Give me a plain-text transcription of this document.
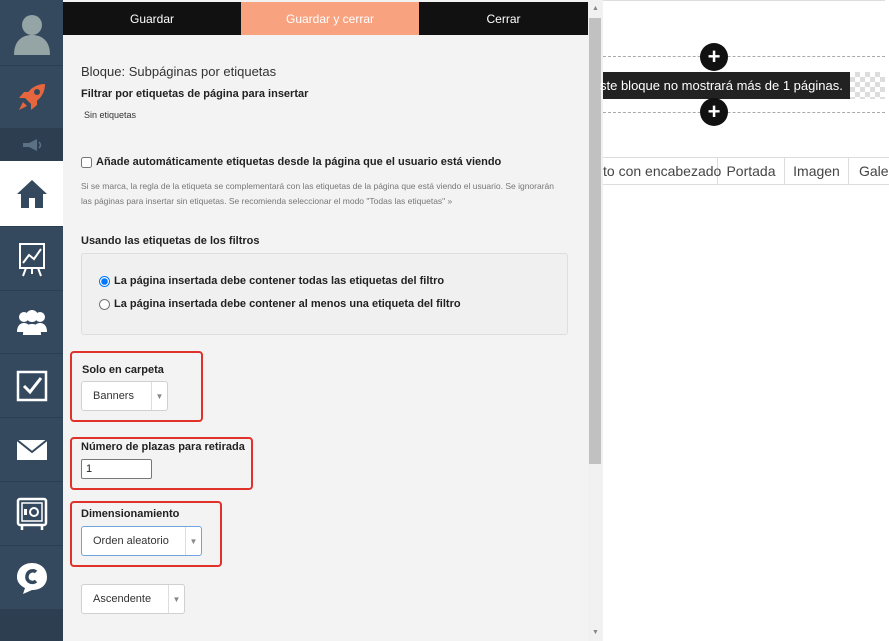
Guardar	Guardar y cerrar	Cerrar
Bloque: Subpáginas por etiquetas
Filtrar por etiquetas de página para insertar
Sin etiquetas
Añade automáticamente etiquetas desde la página que el usuario está viendo
Si se marca, la regla de la etiqueta se complementará con las etiquetas de la página que está viendo el usuario. Se ignorarán las páginas para insertar sin etiquetas. Se recomienda seleccionar el modo "Todas las etiquetas" »
Usando las etiquetas de los filtros
La página insertada debe contener todas las etiquetas del filtro
La página insertada debe contener al menos una etiqueta del filtro
Solo en carpeta
Banners	▼
Número de plazas para retirada
1
Dimensionamiento
Orden aleatorio	▼
Ascendente	▼
▲
▼
+
ste bloque no mostrará más de 1 páginas.
+
to con encabezado Portada	Imagen	Gale
